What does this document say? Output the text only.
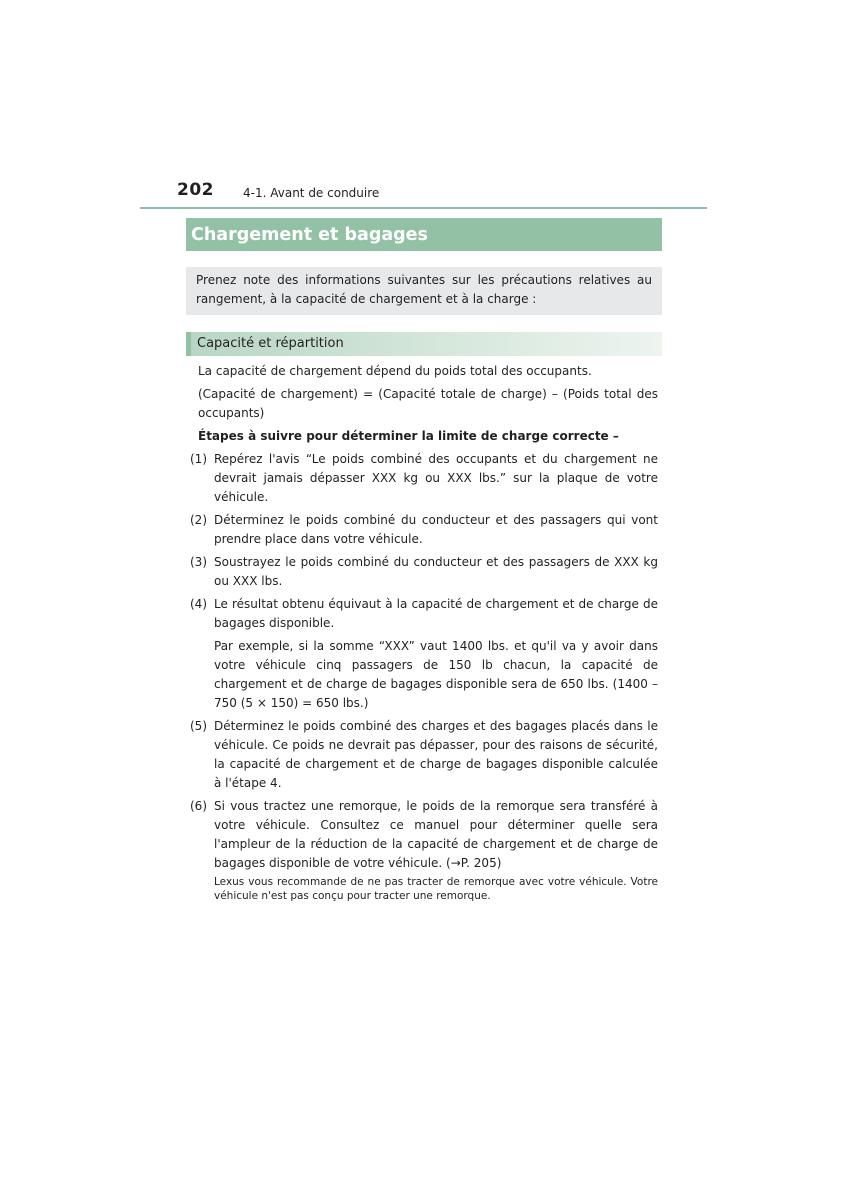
202 4-1. Avant de conduire
Chargement et bagages
Prenez note des informations suivantes sur les précautions relatives au rangement, à la capacité de chargement et à la charge :
Capacité et répartition

La capacité de chargement dépend du poids total des occupants.

(Capacité de chargement) = (Capacité totale de charge) – (Poids total des occupants)

Étapes à suivre pour déterminer la limite de charge correcte –

(1) Repérez l'avis “Le poids combiné des occupants et du chargement ne devrait jamais dépasser XXX kg ou XXX lbs.” sur la plaque de votre véhicule.
(2) Déterminez le poids combiné du conducteur et des passagers qui vont prendre place dans votre véhicule.
(3) Soustrayez le poids combiné du conducteur et des passagers de XXX kg ou XXX lbs.
(4) Le résultat obtenu équivaut à la capacité de chargement et de charge de bagages disponible.
Par exemple, si la somme “XXX” vaut 1400 lbs. et qu'il va y avoir dans votre véhicule cinq passagers de 150 lb chacun, la capacité de chargement et de charge de bagages disponible sera de 650 lbs. (1400 – 750 (5 × 150) = 650 lbs.)
(5) Déterminez le poids combiné des charges et des bagages placés dans le véhicule. Ce poids ne devrait pas dépasser, pour des raisons de sécurité, la capacité de chargement et de charge de bagages disponible calculée à l'étape 4.
(6) Si vous tractez une remorque, le poids de la remorque sera transféré à votre véhicule. Consultez ce manuel pour déterminer quelle sera l'ampleur de la réduction de la capacité de chargement et de charge de bagages disponible de votre véhicule. (→P. 205)
Lexus vous recommande de ne pas tracter de remorque avec votre véhicule. Votre véhicule n'est pas conçu pour tracter une remorque.
